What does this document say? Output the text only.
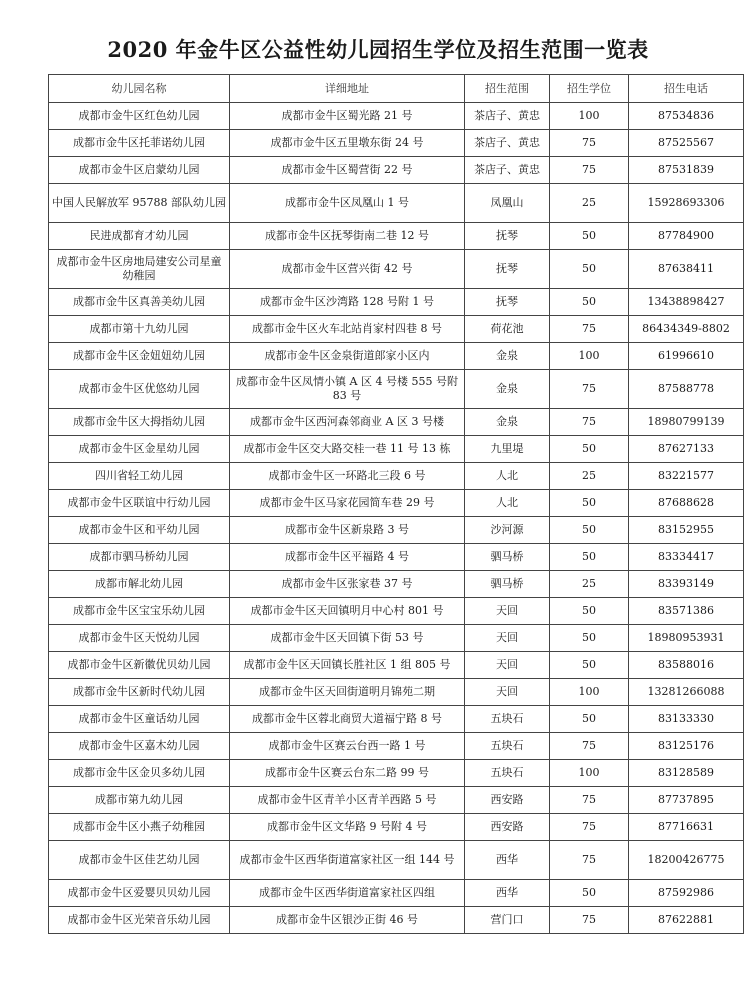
2020 年金牛区公益性幼儿园招生学位及招生范围一览表
幼儿园名称	详细地址	招生范围	招生学位	招生电话
成都市金牛区红色幼儿园	成都市金牛区蜀光路 21 号	茶店子、黄忠	100	87534836
成都市金牛区托菲诺幼儿园	成都市金牛区五里墩东街 24 号	茶店子、黄忠	75	87525567
成都市金牛区启蒙幼儿园	成都市金牛区蜀营街 22 号	茶店子、黄忠	75	87531839
中国人民解放军 95788 部队幼儿园	成都市金牛区凤凰山 1 号	凤凰山	25	15928693306
民进成都育才幼儿园	成都市金牛区抚琴街南二巷 12 号	抚琴	50	87784900
成都市金牛区房地局建安公司星童幼稚园	成都市金牛区营兴街 42 号	抚琴	50	87638411
成都市金牛区真善美幼儿园	成都市金牛区沙湾路 128 号附 1 号	抚琴	50	13438898427
成都市第十九幼儿园	成都市金牛区火车北站肖家村四巷 8 号	荷花池	75	86434349-8802
成都市金牛区金妞妞幼儿园	成都市金牛区金泉街道郎家小区内	金泉	100	61996610
成都市金牛区优悠幼儿园	成都市金牛区凤情小镇 A 区 4 号楼 555 号附 83 号	金泉	75	87588778
成都市金牛区大拇指幼儿园	成都市金牛区西河森邻商业 A 区 3 号楼	金泉	75	18980799139
成都市金牛区金星幼儿园	成都市金牛区交大路交桂一巷 11 号 13 栋	九里堤	50	87627133
四川省轻工幼儿园	成都市金牛区一环路北三段 6 号	人北	25	83221577
成都市金牛区联谊中行幼儿园	成都市金牛区马家花园简车巷 29 号	人北	50	87688628
成都市金牛区和平幼儿园	成都市金牛区新泉路 3 号	沙河源	50	83152955
成都市驷马桥幼儿园	成都市金牛区平福路 4 号	驷马桥	50	83334417
成都市解北幼儿园	成都市金牛区张家巷 37 号	驷马桥	25	83393149
成都市金牛区宝宝乐幼儿园	成都市金牛区天回镇明月中心村 801 号	天回	50	83571386
成都市金牛区天悦幼儿园	成都市金牛区天回镇下街 53 号	天回	50	18980953931
成都市金牛区新徽优贝幼儿园	成都市金牛区天回镇长胜社区 1 组 805 号	天回	50	83588016
成都市金牛区新时代幼儿园	成都市金牛区天回街道明月锦苑二期	天回	100	13281266088
成都市金牛区童话幼儿园	成都市金牛区蓉北商贸大道福宁路 8 号	五块石	50	83133330
成都市金牛区嘉木幼儿园	成都市金牛区赛云台西一路 1 号	五块石	75	83125176
成都市金牛区金贝多幼儿园	成都市金牛区赛云台东二路 99 号	五块石	100	83128589
成都市第九幼儿园	成都市金牛区青羊小区青羊西路 5 号	西安路	75	87737895
成都市金牛区小燕子幼稚园	成都市金牛区文华路 9 号附 4 号	西安路	75	87716631
成都市金牛区佳艺幼儿园	成都市金牛区西华街道富家社区一组 144 号	西华	75	18200426775
成都市金牛区爱婴贝贝幼儿园	成都市金牛区西华街道富家社区四组	西华	50	87592986
成都市金牛区光荣音乐幼儿园	成都市金牛区银沙正街 46 号	营门口	75	87622881
